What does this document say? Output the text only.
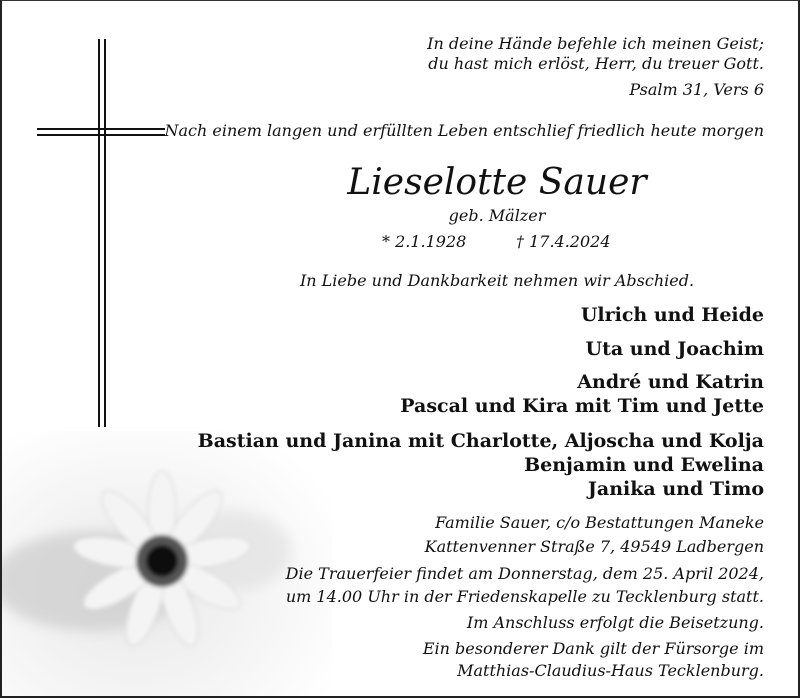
In deine Hände befehle ich meinen Geist;
du hast mich erlöst, Herr, du treuer Gott.
Psalm 31, Vers 6
Nach einem langen und erfüllten Leben entschlief friedlich heute morgen
Lieselotte Sauer
geb. Mälzer
* 2.1.1928	† 17.4.2024
In Liebe und Dankbarkeit nehmen wir Abschied.
Ulrich und Heide
Uta und Joachim
André und Katrin
Pascal und Kira mit Tim und Jette
Bastian und Janina mit Charlotte, Aljoscha und Kolja
Benjamin und Ewelina
Janika und Timo
Familie Sauer, c/o Bestattungen Maneke
Kattenvenner Straße 7, 49549 Ladbergen
Die Trauerfeier findet am Donnerstag, dem 25. April 2024,
um 14.00 Uhr in der Friedenskapelle zu Tecklenburg statt.
Im Anschluss erfolgt die Beisetzung.
Ein besonderer Dank gilt der Fürsorge im
Matthias-Claudius-Haus Tecklenburg.
